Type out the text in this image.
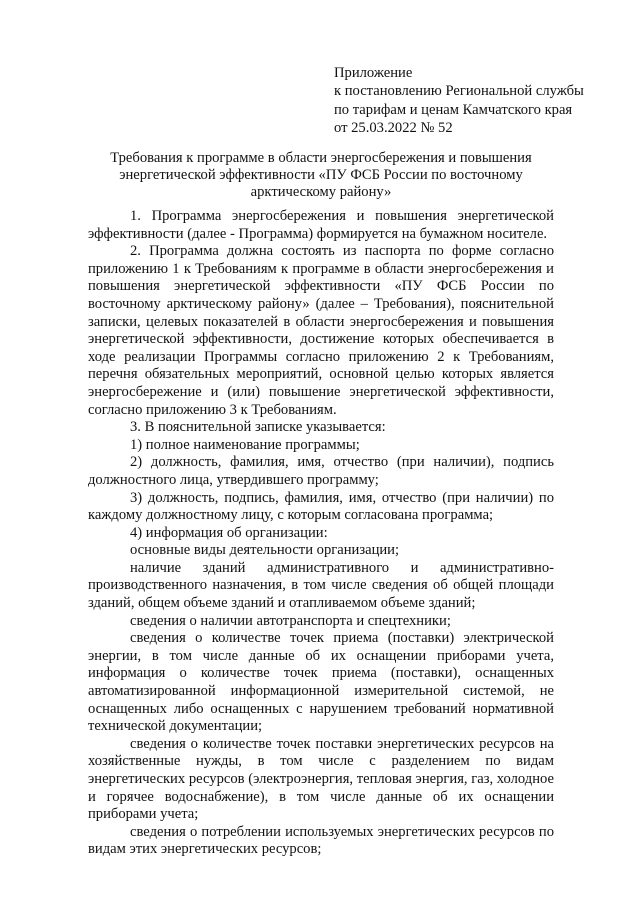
Приложение
к постановлению Региональной службы
по тарифам и ценам Камчатского края
от 25.03.2022 № 52
Требования к программе в области энергосбережения и повышения энергетической эффективности «ПУ ФСБ России по восточному арктическому району»

1. Программа энергосбережения и повышения энергетической эффективности (далее - Программа) формируется на бумажном носителе.

2. Программа должна состоять из паспорта по форме согласно приложению 1 к Требованиям к программе в области энергосбережения и повышения энергетической эффективности «ПУ ФСБ России по восточному арктическому району» (далее – Требования), пояснительной записки, целевых показателей в области энергосбережения и повышения энергетической эффективности, достижение которых обеспечивается в ходе реализации Программы согласно приложению 2 к Требованиям, перечня обязательных мероприятий, основной целью которых является энергосбережение и (или) повышение энергетической эффективности, согласно приложению 3 к Требованиям.

3. В пояснительной записке указывается:

1) полное наименование программы;

2) должность, фамилия, имя, отчество (при наличии), подпись должностного лица, утвердившего программу;

3) должность, подпись, фамилия, имя, отчество (при наличии) по каждому должностному лицу, с которым согласована программа;

4) информация об организации:

основные виды деятельности организации;

наличие зданий административного и административно-производственного назначения, в том числе сведения об общей площади зданий, общем объеме зданий и отапливаемом объеме зданий;

сведения о наличии автотранспорта и спецтехники;

сведения о количестве точек приема (поставки) электрической энергии, в том числе данные об их оснащении приборами учета, информация о количестве точек приема (поставки), оснащенных автоматизированной информационной измерительной системой, не оснащенных либо оснащенных с нарушением требований нормативной технической документации;

сведения о количестве точек поставки энергетических ресурсов на хозяйственные нужды, в том числе с разделением по видам энергетических ресурсов (электроэнергия, тепловая энергия, газ, холодное и горячее водоснабжение), в том числе данные об их оснащении приборами учета;

сведения о потреблении используемых энергетических ресурсов по видам этих энергетических ресурсов;
